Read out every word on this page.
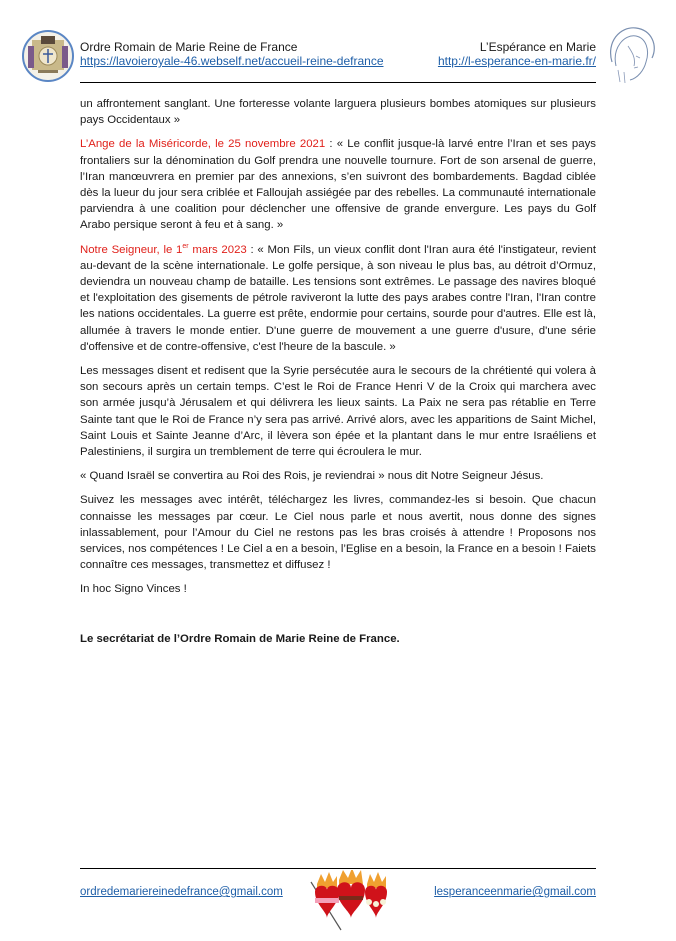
Ordre Romain de Marie Reine de France
https://lavoieroyale-46.webself.net/accueil-reine-defrance
L’Espérance en Marie
http://l-esperance-en-marie.fr/

un affrontement sanglant. Une forteresse volante larguera plusieurs bombes atomiques sur plusieurs pays Occidentaux »

L’Ange de la Miséricorde, le 25 novembre 2021 : « Le conflit jusque-là larvé entre l’Iran et ses pays frontaliers sur la dénomination du Golf prendra une nouvelle tournure. Fort de son arsenal de guerre, l’Iran manœuvrera en premier par des annexions, s’en suivront des bombardements. Bagdad ciblée dès la lueur du jour sera criblée et Falloujah assiégée par des rebelles. La communauté internationale parviendra à une coalition pour déclencher une offensive de grande envergure. Les pays du Golf Arabo persique seront à feu et à sang. »

Notre Seigneur, le 1er mars 2023 : « Mon Fils, un vieux conflit dont l'Iran aura été l'instigateur, revient au-devant de la scène internationale. Le golfe persique, à son niveau le plus bas, au détroit d’Ormuz, deviendra un nouveau champ de bataille. Les tensions sont extrêmes. Le passage des navires bloqué et l'exploitation des gisements de pétrole raviveront la lutte des pays arabes contre l'Iran, l'Iran contre les nations occidentales. La guerre est prête, endormie pour certains, sourde pour d'autres. Elle est là, allumée à travers le monde entier. D'une guerre de mouvement a une guerre d'usure, d'une série d'offensive et de contre-offensive, c'est l'heure de la bascule. »

Les messages disent et redisent que la Syrie persécutée aura le secours de la chrétienté qui volera à son secours après un certain temps. C’est le Roi de France Henri V de la Croix qui marchera avec son armée jusqu’à Jérusalem et qui délivrera les lieux saints. La Paix ne sera pas rétablie en Terre Sainte tant que le Roi de France n’y sera pas arrivé. Arrivé alors, avec les apparitions de Saint Michel, Saint Louis et Sainte Jeanne d’Arc, il lèvera son épée et la plantant dans le mur entre Israéliens et Palestiniens, il surgira un tremblement de terre qui écroulera le mur.

« Quand Israël se convertira au Roi des Rois, je reviendrai » nous dit Notre Seigneur Jésus.

Suivez les messages avec intérêt, téléchargez les livres, commandez-les si besoin. Que chacun connaisse les messages par cœur. Le Ciel nous parle et nous avertit, nous donne des signes inlassablement, pour l’Amour du Ciel ne restons pas les bras croisés à attendre ! Proposons nos services, nos compétences ! Le Ciel a en a besoin, l’Eglise en a besoin, la France en a besoin ! Faiets connaître ces messages, transmettez et diffusez !

In hoc Signo Vinces !

Le secrétariat de l’Ordre Romain de Marie Reine de France.

ordredemariereinedefrance@gmail.com	lesperanceenmarie@gmail.com
